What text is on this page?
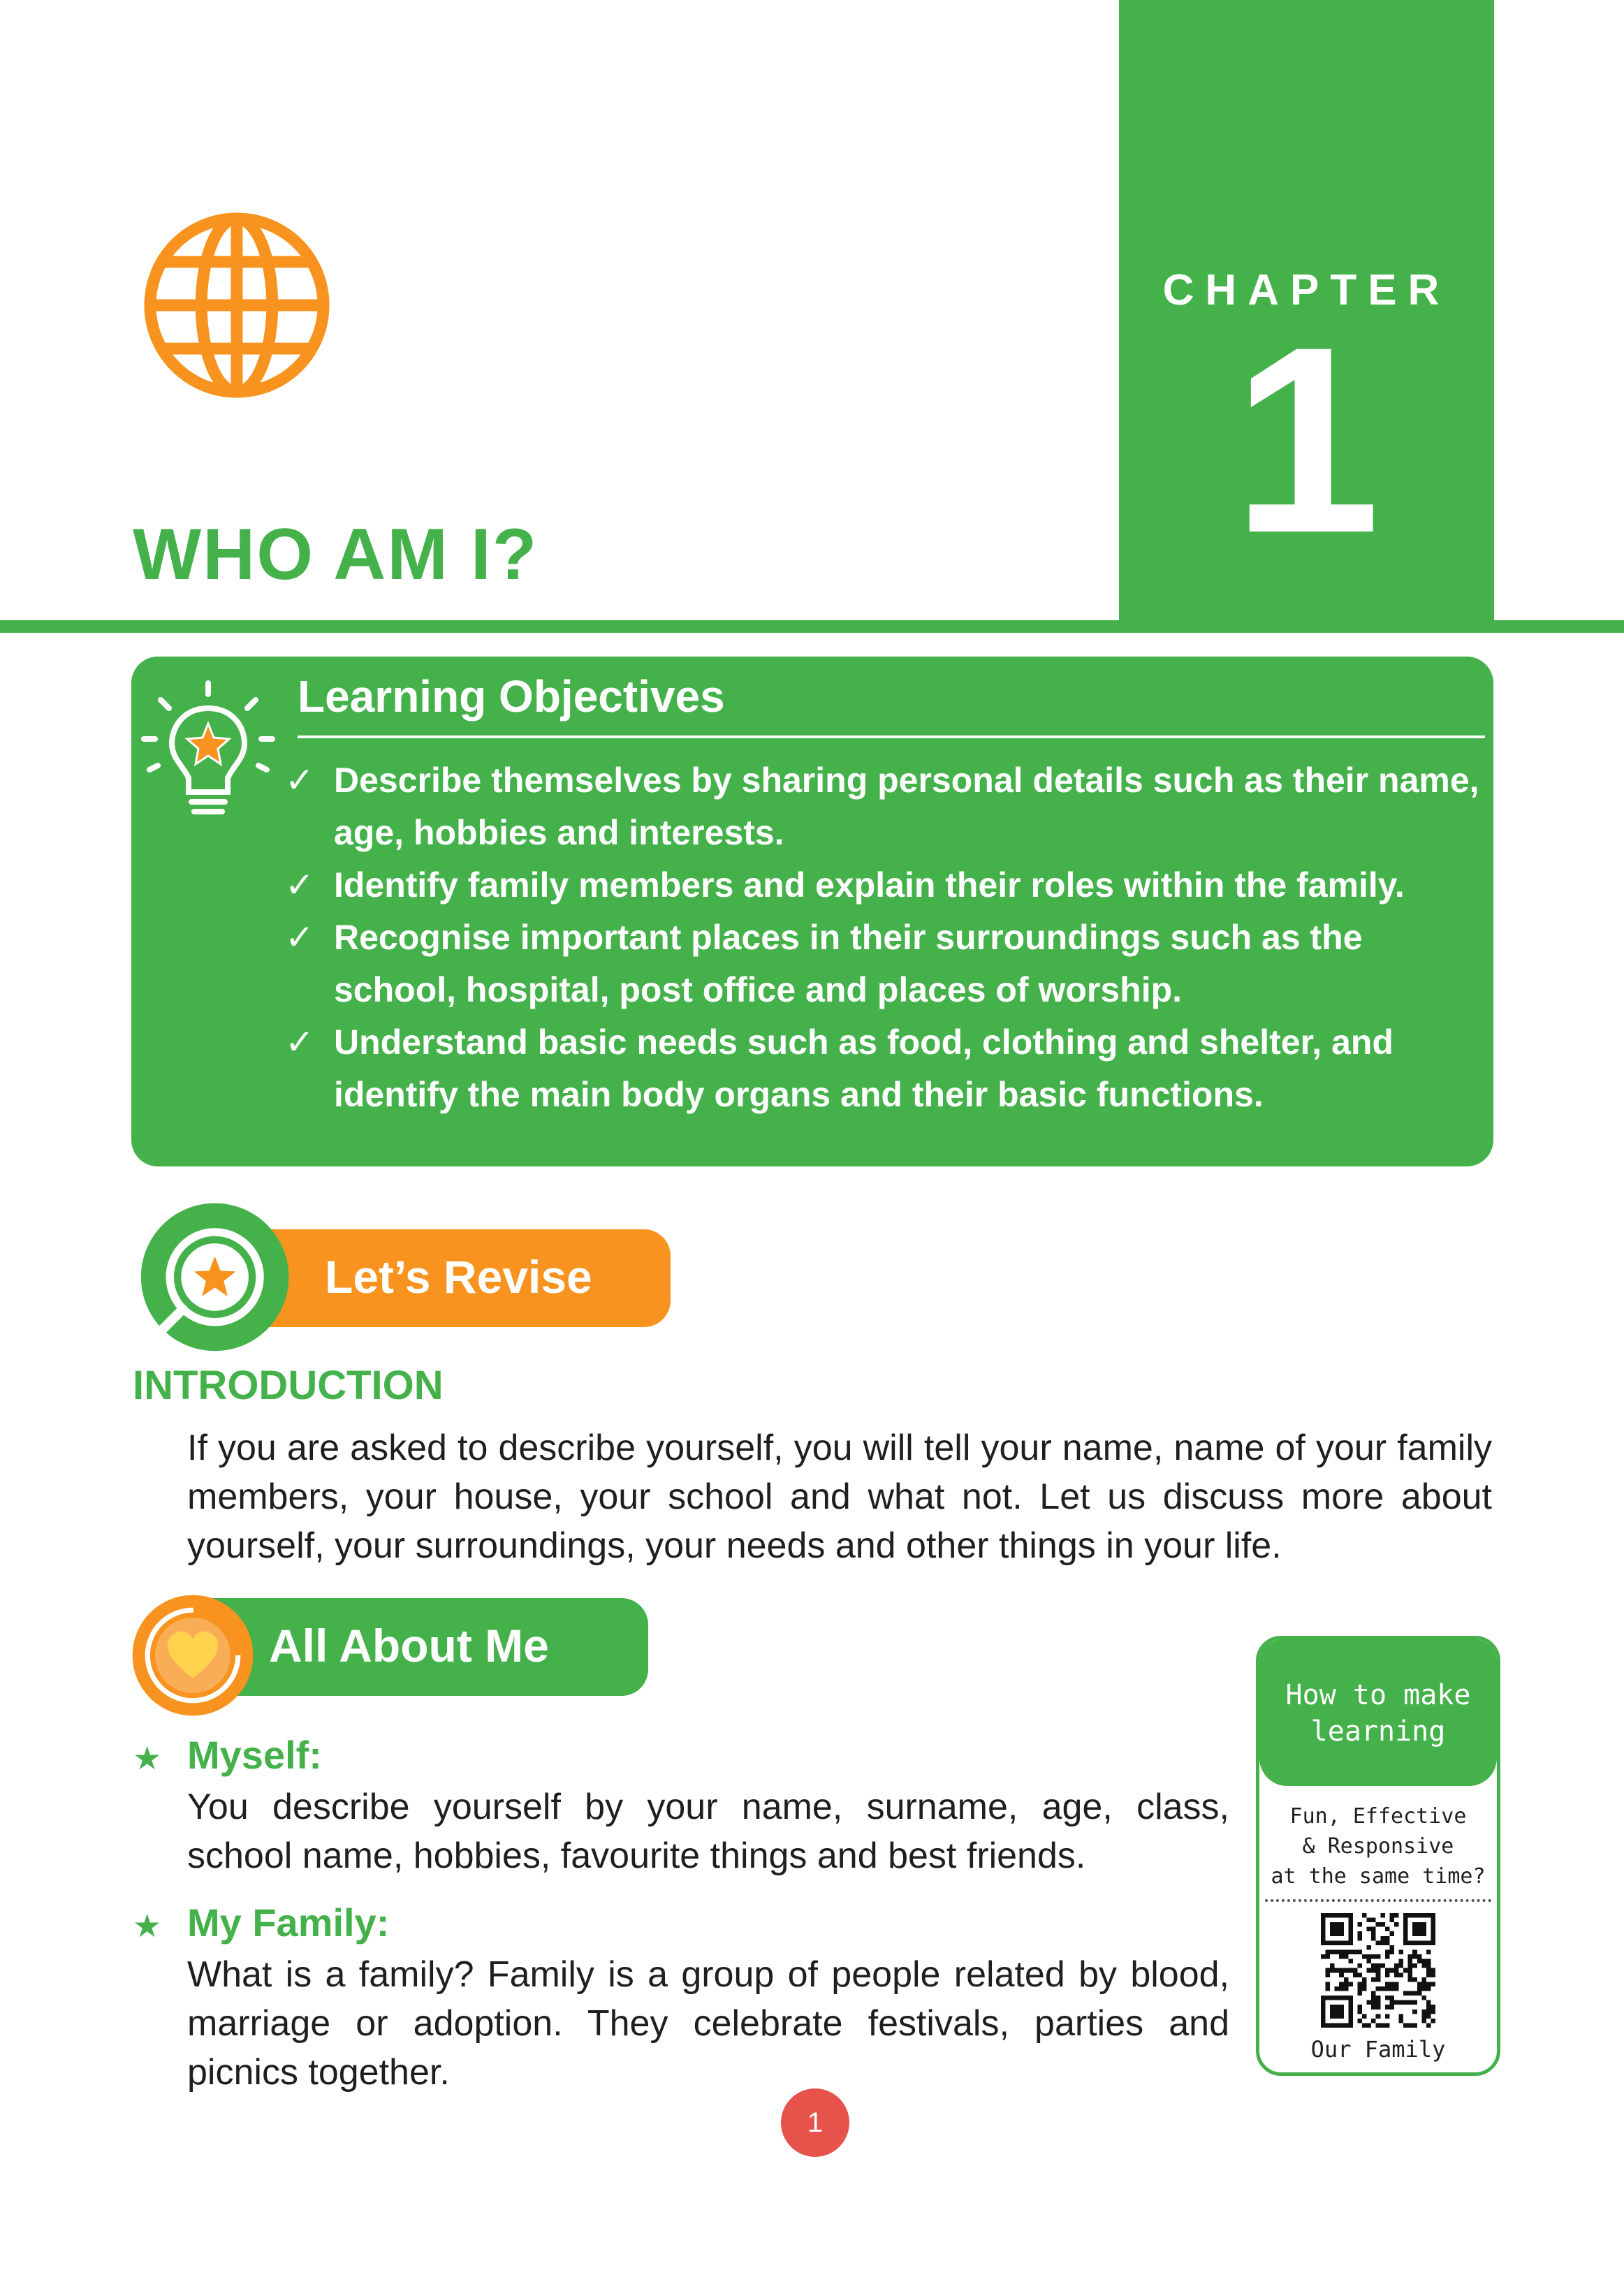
CHAPTER
1
WHO AM I?
Learning Objectives
✓ Describe themselves by sharing personal details such as their name, age, hobbies and interests.
✓ Identify family members and explain their roles within the family.
✓ Recognise important places in their surroundings such as the school, hospital, post office and places of worship.
✓ Understand basic needs such as food, clothing and shelter, and identify the main body organs and their basic functions.
Let’s Revise
INTRODUCTION
If you are asked to describe yourself, you will tell your name, name of your family members, your house, your school and what not. Let us discuss more about yourself, your surroundings, your needs and other things in your life.
All About Me
★ Myself:
You describe yourself by your name, surname, age, class, school name, hobbies, favourite things and best friends.
★ My Family:
What is a family? Family is a group of people related by blood, marriage or adoption. They celebrate festivals, parties and picnics together.
How to make
learning
Fun, Effective
& Responsive
at the same time?
Our Family
1
